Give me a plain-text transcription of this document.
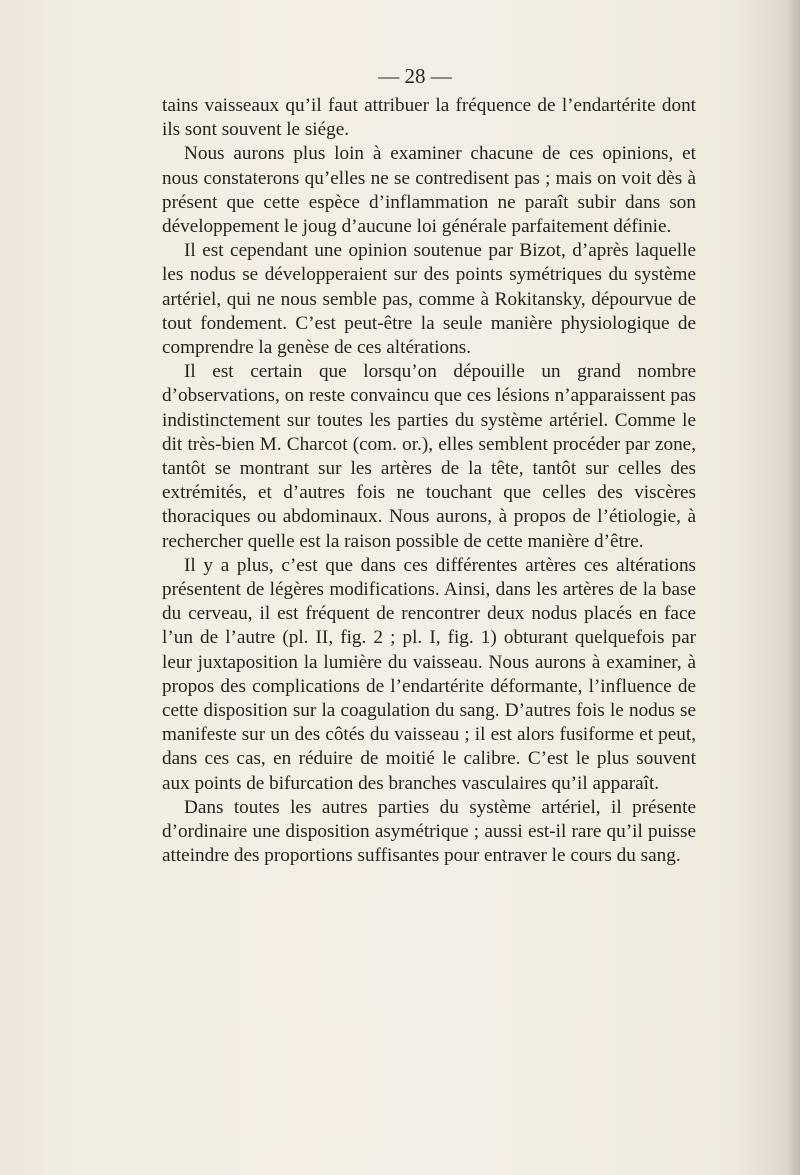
— 28 —

tains vaisseaux qu’il faut attribuer la fréquence de l’endartérite dont ils sont souvent le siége.

Nous aurons plus loin à examiner chacune de ces opinions, et nous constaterons qu’elles ne se contredisent pas ; mais on voit dès à présent que cette espèce d’inflammation ne paraît subir dans son développement le joug d’aucune loi générale parfaitement définie.

Il est cependant une opinion soutenue par Bizot, d’après laquelle les nodus se développeraient sur des points symétriques du système artériel, qui ne nous semble pas, comme à Rokitansky, dépourvue de tout fondement. C’est peut-être la seule manière physiologique de comprendre la genèse de ces altérations.

Il est certain que lorsqu’on dépouille un grand nombre d’observations, on reste convaincu que ces lésions n’apparaissent pas indistinctement sur toutes les parties du système artériel. Comme le dit très-bien M. Charcot (com. or.), elles semblent procéder par zone, tantôt se montrant sur les artères de la tête, tantôt sur celles des extrémités, et d’autres fois ne touchant que celles des viscères thoraciques ou abdominaux. Nous aurons, à propos de l’étiologie, à rechercher quelle est la raison possible de cette manière d’être.

Il y a plus, c’est que dans ces différentes artères ces altérations présentent de légères modifications. Ainsi, dans les artères de la base du cerveau, il est fréquent de rencontrer deux nodus placés en face l’un de l’autre (pl. II, fig. 2 ; pl. I, fig. 1) obturant quelquefois par leur juxtaposition la lumière du vaisseau. Nous aurons à examiner, à propos des complications de l’endartérite déformante, l’influence de cette disposition sur la coagulation du sang. D’autres fois le nodus se manifeste sur un des côtés du vaisseau ; il est alors fusiforme et peut, dans ces cas, en réduire de moitié le calibre. C’est le plus souvent aux points de bifurcation des branches vasculaires qu’il apparaît.

Dans toutes les autres parties du système artériel, il présente d’ordinaire une disposition asymétrique ; aussi est-il rare qu’il puisse atteindre des proportions suffisantes pour entraver le cours du sang.
